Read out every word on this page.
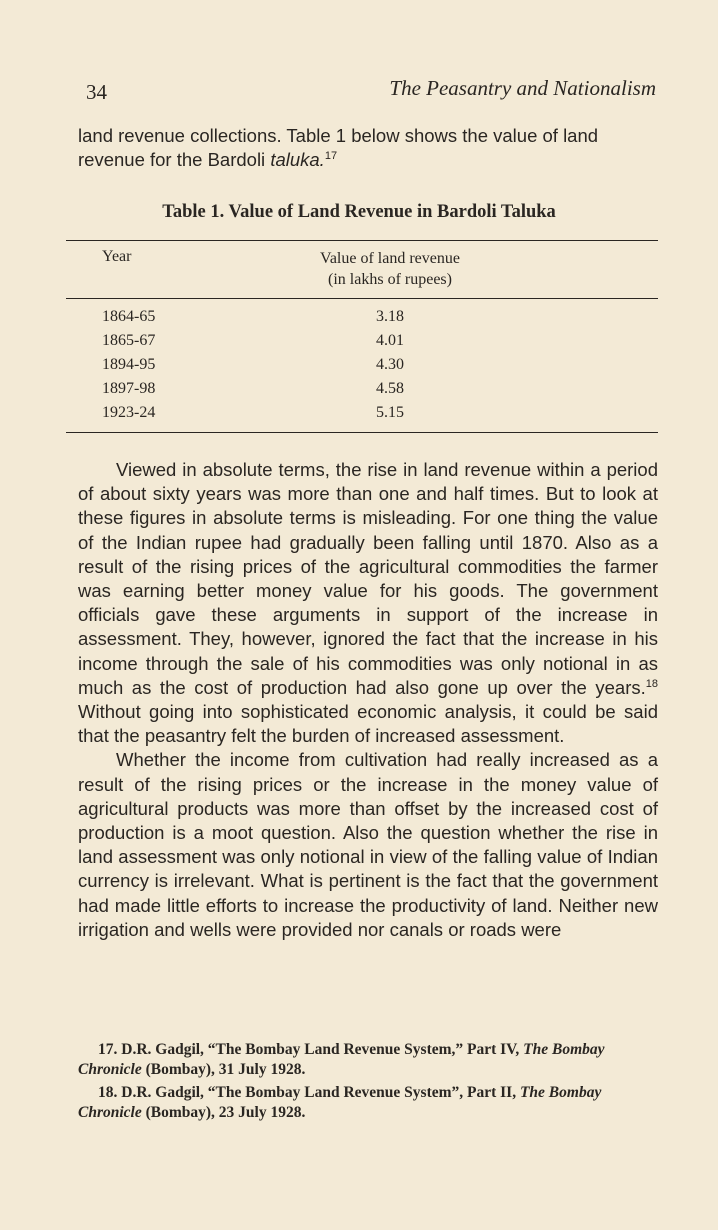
34	The Peasantry and Nationalism
land revenue collections. Table 1 below shows the value of land revenue for the Bardoli taluka.$^{17}$
Table 1. Value of Land Revenue in Bardoli Taluka
Year	Value of land revenue
(in lakhs of rupees)
1864-65	3.18
1865-67	4.01
1894-95	4.30
1897-98	4.58
1923-24	5.15

Viewed in absolute terms, the rise in land revenue within a period of about sixty years was more than one and half times. But to look at these figures in absolute terms is misleading. For one thing the value of the Indian rupee had gradually been falling until 1870. Also as a result of the rising prices of the agricultural commodities the farmer was earning better money value for his goods. The government officials gave these arguments in support of the increase in assessment. They, however, ignored the fact that the increase in his income through the sale of his commodities was only notional in as much as the cost of production had also gone up over the years.$^{18}$ Without going into sophisticated economic analysis, it could be said that the peasantry felt the burden of increased assessment.

Whether the income from cultivation had really increased as a result of the rising prices or the increase in the money value of agricultural products was more than offset by the increased cost of production is a moot question. Also the question whether the rise in land assessment was only notional in view of the falling value of Indian currency is irrelevant. What is pertinent is the fact that the government had made little efforts to increase the productivity of land. Neither new irrigation and wells were provided nor canals or roads were

17. D.R. Gadgil, “The Bombay Land Revenue System,” Part IV, The Bombay Chronicle (Bombay), 31 July 1928.

18. D.R. Gadgil, “The Bombay Land Revenue System”, Part II, The Bombay Chronicle (Bombay), 23 July 1928.
